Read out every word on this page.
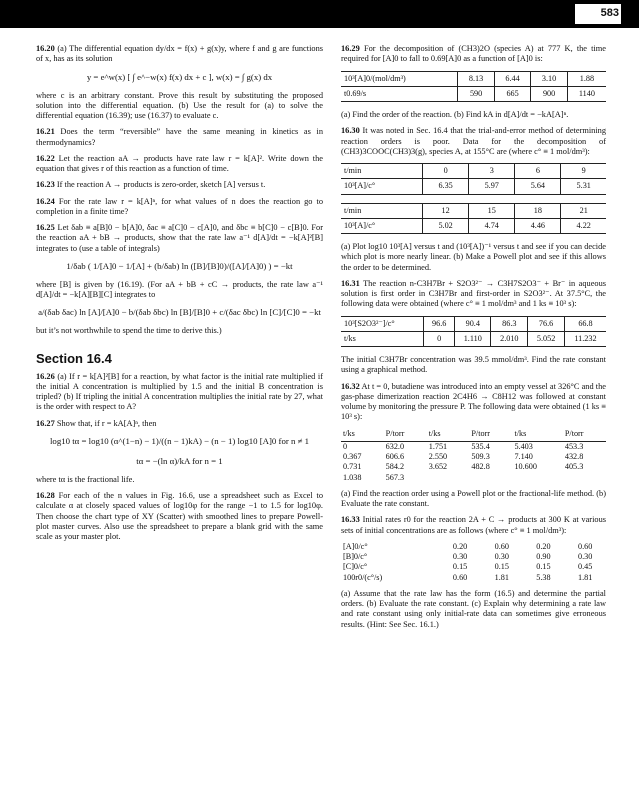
583

16.20 (a) The differential equation dy/dx = f(x) + g(x)y, where f and g are functions of x, has as its solution

y = e^w(x) [ ∫ e^−w(x) f(x) dx + c ], w(x) = ∫ g(x) dx

where c is an arbitrary constant. Prove this result by substituting the proposed solution into the differential equation. (b) Use the result for (a) to solve the differential equation (16.39); use (16.37) to evaluate c.

16.21 Does the term “reversible” have the same meaning in kinetics as in thermodynamics?

16.22 Let the reaction aA → products have rate law r = k[A]². Write down the equation that gives r of this reaction as a function of time.

16.23 If the reaction A → products is zero-order, sketch [A] versus t.

16.24 For the rate law r = k[A]ⁿ, for what values of n does the reaction go to completion in a finite time?

16.25 Let δab ≡ a[B]0 − b[A]0, δac ≡ a[C]0 − c[A]0, and δbc ≡ b[C]0 − c[B]0. For the reaction aA + bB → products, show that the rate law a⁻¹ d[A]/dt = −k[A]²[B] integrates to (use a table of integrals)

1/δab ( 1/[A]0 − 1/[A] + (b/δab) ln ([B]/[B]0)/([A]/[A]0) ) = −kt

where [B] is given by (16.19). (For aA + bB + cC → products, the rate law a⁻¹ d[A]/dt = −k[A][B][C] integrates to

a/(δab δac) ln [A]/[A]0 − b/(δab δbc) ln [B]/[B]0 + c/(δac δbc) ln [C]/[C]0 = −kt

but it’s not worthwhile to spend the time to derive this.)

Section 16.4

16.26 (a) If r = k[A]²[B] for a reaction, by what factor is the initial rate multiplied if the initial A concentration is multiplied by 1.5 and the initial B concentration is tripled? (b) If tripling the initial A concentration multiplies the initial rate by 27, what is the order with respect to A?

16.27 Show that, if r = kA[A]ⁿ, then

log10 tα = log10 (α^(1−n) − 1)/((n − 1)kA) − (n − 1) log10 [A]0 for n ≠ 1
tα = −(ln α)/kA for n = 1

where tα is the fractional life.

16.28 For each of the n values in Fig. 16.6, use a spreadsheet such as Excel to calculate α at closely spaced values of log10φ for the range −1 to 1.5 for log10φ. Then choose the chart type of XY (Scatter) with smoothed lines to prepare Powell-plot master curves. Also use the spreadsheet to prepare a blank grid with the same scale as your master plot.

16.29 For the decomposition of (CH3)2O (species A) at 777 K, the time required for [A]0 to fall to 0.69[A]0 as a function of [A]0 is:

10³[A]0/(mol/dm³)	8.13	6.44	3.10	1.88
t0.69/s	590	665	900	1140

(a) Find the order of the reaction. (b) Find kA in d[A]/dt = −kA[A]ⁿ.

16.30 It was noted in Sec. 16.4 that the trial-and-error method of determining reaction orders is poor. Data for the decomposition of (CH3)3COOC(CH3)3(g), species A, at 155°C are (where c° ≡ 1 mol/dm³):

t/min	0	3	6	9
10³[A]/c°	6.35	5.97	5.64	5.31
t/min	12	15	18	21
10³[A]/c°	5.02	4.74	4.46	4.22

(a) Plot log10 10³[A] versus t and (10³[A])⁻¹ versus t and see if you can decide which plot is more nearly linear. (b) Make a Powell plot and see if this allows the order to be determined.

16.31 The reaction n-C3H7Br + S2O3²⁻ → C3H7S2O3⁻ + Br⁻ in aqueous solution is first order in C3H7Br and first-order in S2O3²⁻. At 37.5°C, the following data were obtained (where c° ≡ 1 mol/dm³ and 1 ks ≡ 10³ s):

10³[S2O3²⁻]/c°	96.6	90.4	86.3	76.6	66.8
t/ks	0	1.110	2.010	5.052	11.232

The initial C3H7Br concentration was 39.5 mmol/dm³. Find the rate constant using a graphical method.

16.32 At t = 0, butadiene was introduced into an empty vessel at 326°C and the gas-phase dimerization reaction 2C4H6 → C8H12 was followed at constant volume by monitoring the pressure P. The following data were obtained (1 ks ≡ 10³ s):

t/ks	P/torr	t/ks	P/torr	t/ks	P/torr
0	632.0	1.751	535.4	5.403	453.3
0.367	606.6	2.550	509.3	7.140	432.8
0.731	584.2	3.652	482.8	10.600	405.3
1.038	567.3				

(a) Find the reaction order using a Powell plot or the fractional-life method. (b) Evaluate the rate constant.

16.33 Initial rates r0 for the reaction 2A + C → products at 300 K at various sets of initial concentrations are as follows (where c° ≡ 1 mol/dm³):

[A]0/c°	0.20	0.60	0.20	0.60
[B]0/c°	0.30	0.30	0.90	0.30
[C]0/c°	0.15	0.15	0.15	0.45
100r0/(c°/s)	0.60	1.81	5.38	1.81

(a) Assume that the rate law has the form (16.5) and determine the partial orders. (b) Evaluate the rate constant. (c) Explain why determining a rate law and rate constant using only initial-rate data can sometimes give erroneous results. (Hint: See Sec. 16.1.)
